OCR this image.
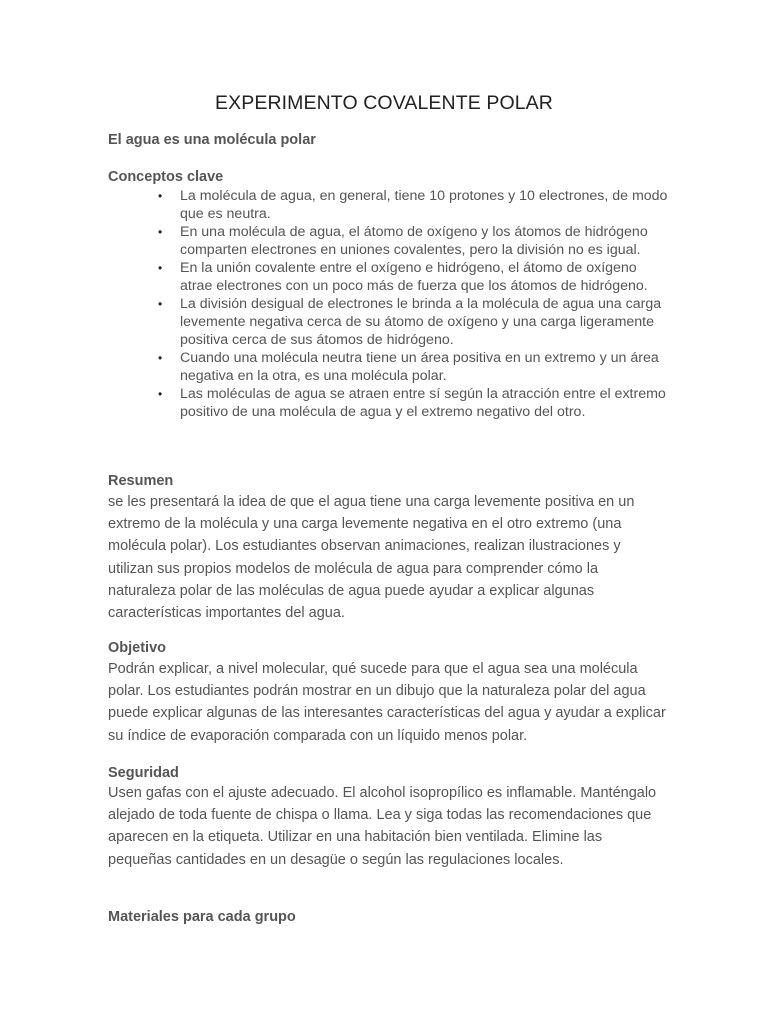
EXPERIMENTO COVALENTE POLAR
El agua es una molécula polar
Conceptos clave
• La molécula de agua, en general, tiene 10 protones y 10 electrones, de modo que es neutra.
• En una molécula de agua, el átomo de oxígeno y los átomos de hidrógeno comparten electrones en uniones covalentes, pero la división no es igual.
• En la unión covalente entre el oxígeno e hidrógeno, el átomo de oxígeno atrae electrones con un poco más de fuerza que los átomos de hidrógeno.
• La división desigual de electrones le brinda a la molécula de agua una carga levemente negativa cerca de su átomo de oxígeno y una carga ligeramente positiva cerca de sus átomos de hidrógeno.
• Cuando una molécula neutra tiene un área positiva en un extremo y un área negativa en la otra, es una molécula polar.
• Las moléculas de agua se atraen entre sí según la atracción entre el extremo positivo de una molécula de agua y el extremo negativo del otro.
Resumen

se les presentará la idea de que el agua tiene una carga levemente positiva en un extremo de la molécula y una carga levemente negativa en el otro extremo (una molécula polar). Los estudiantes observan animaciones, realizan ilustraciones y utilizan sus propios modelos de molécula de agua para comprender cómo la naturaleza polar de las moléculas de agua puede ayudar a explicar algunas características importantes del agua.

Objetivo

Podrán explicar, a nivel molecular, qué sucede para que el agua sea una molécula polar. Los estudiantes podrán mostrar en un dibujo que la naturaleza polar del agua puede explicar algunas de las interesantes características del agua y ayudar a explicar su índice de evaporación comparada con un líquido menos polar.

Seguridad

Usen gafas con el ajuste adecuado. El alcohol isopropílico es inflamable. Manténgalo alejado de toda fuente de chispa o llama. Lea y siga todas las recomendaciones que aparecen en la etiqueta. Utilizar en una habitación bien ventilada. Elimine las pequeñas cantidades en un desagüe o según las regulaciones locales.

Materiales para cada grupo
